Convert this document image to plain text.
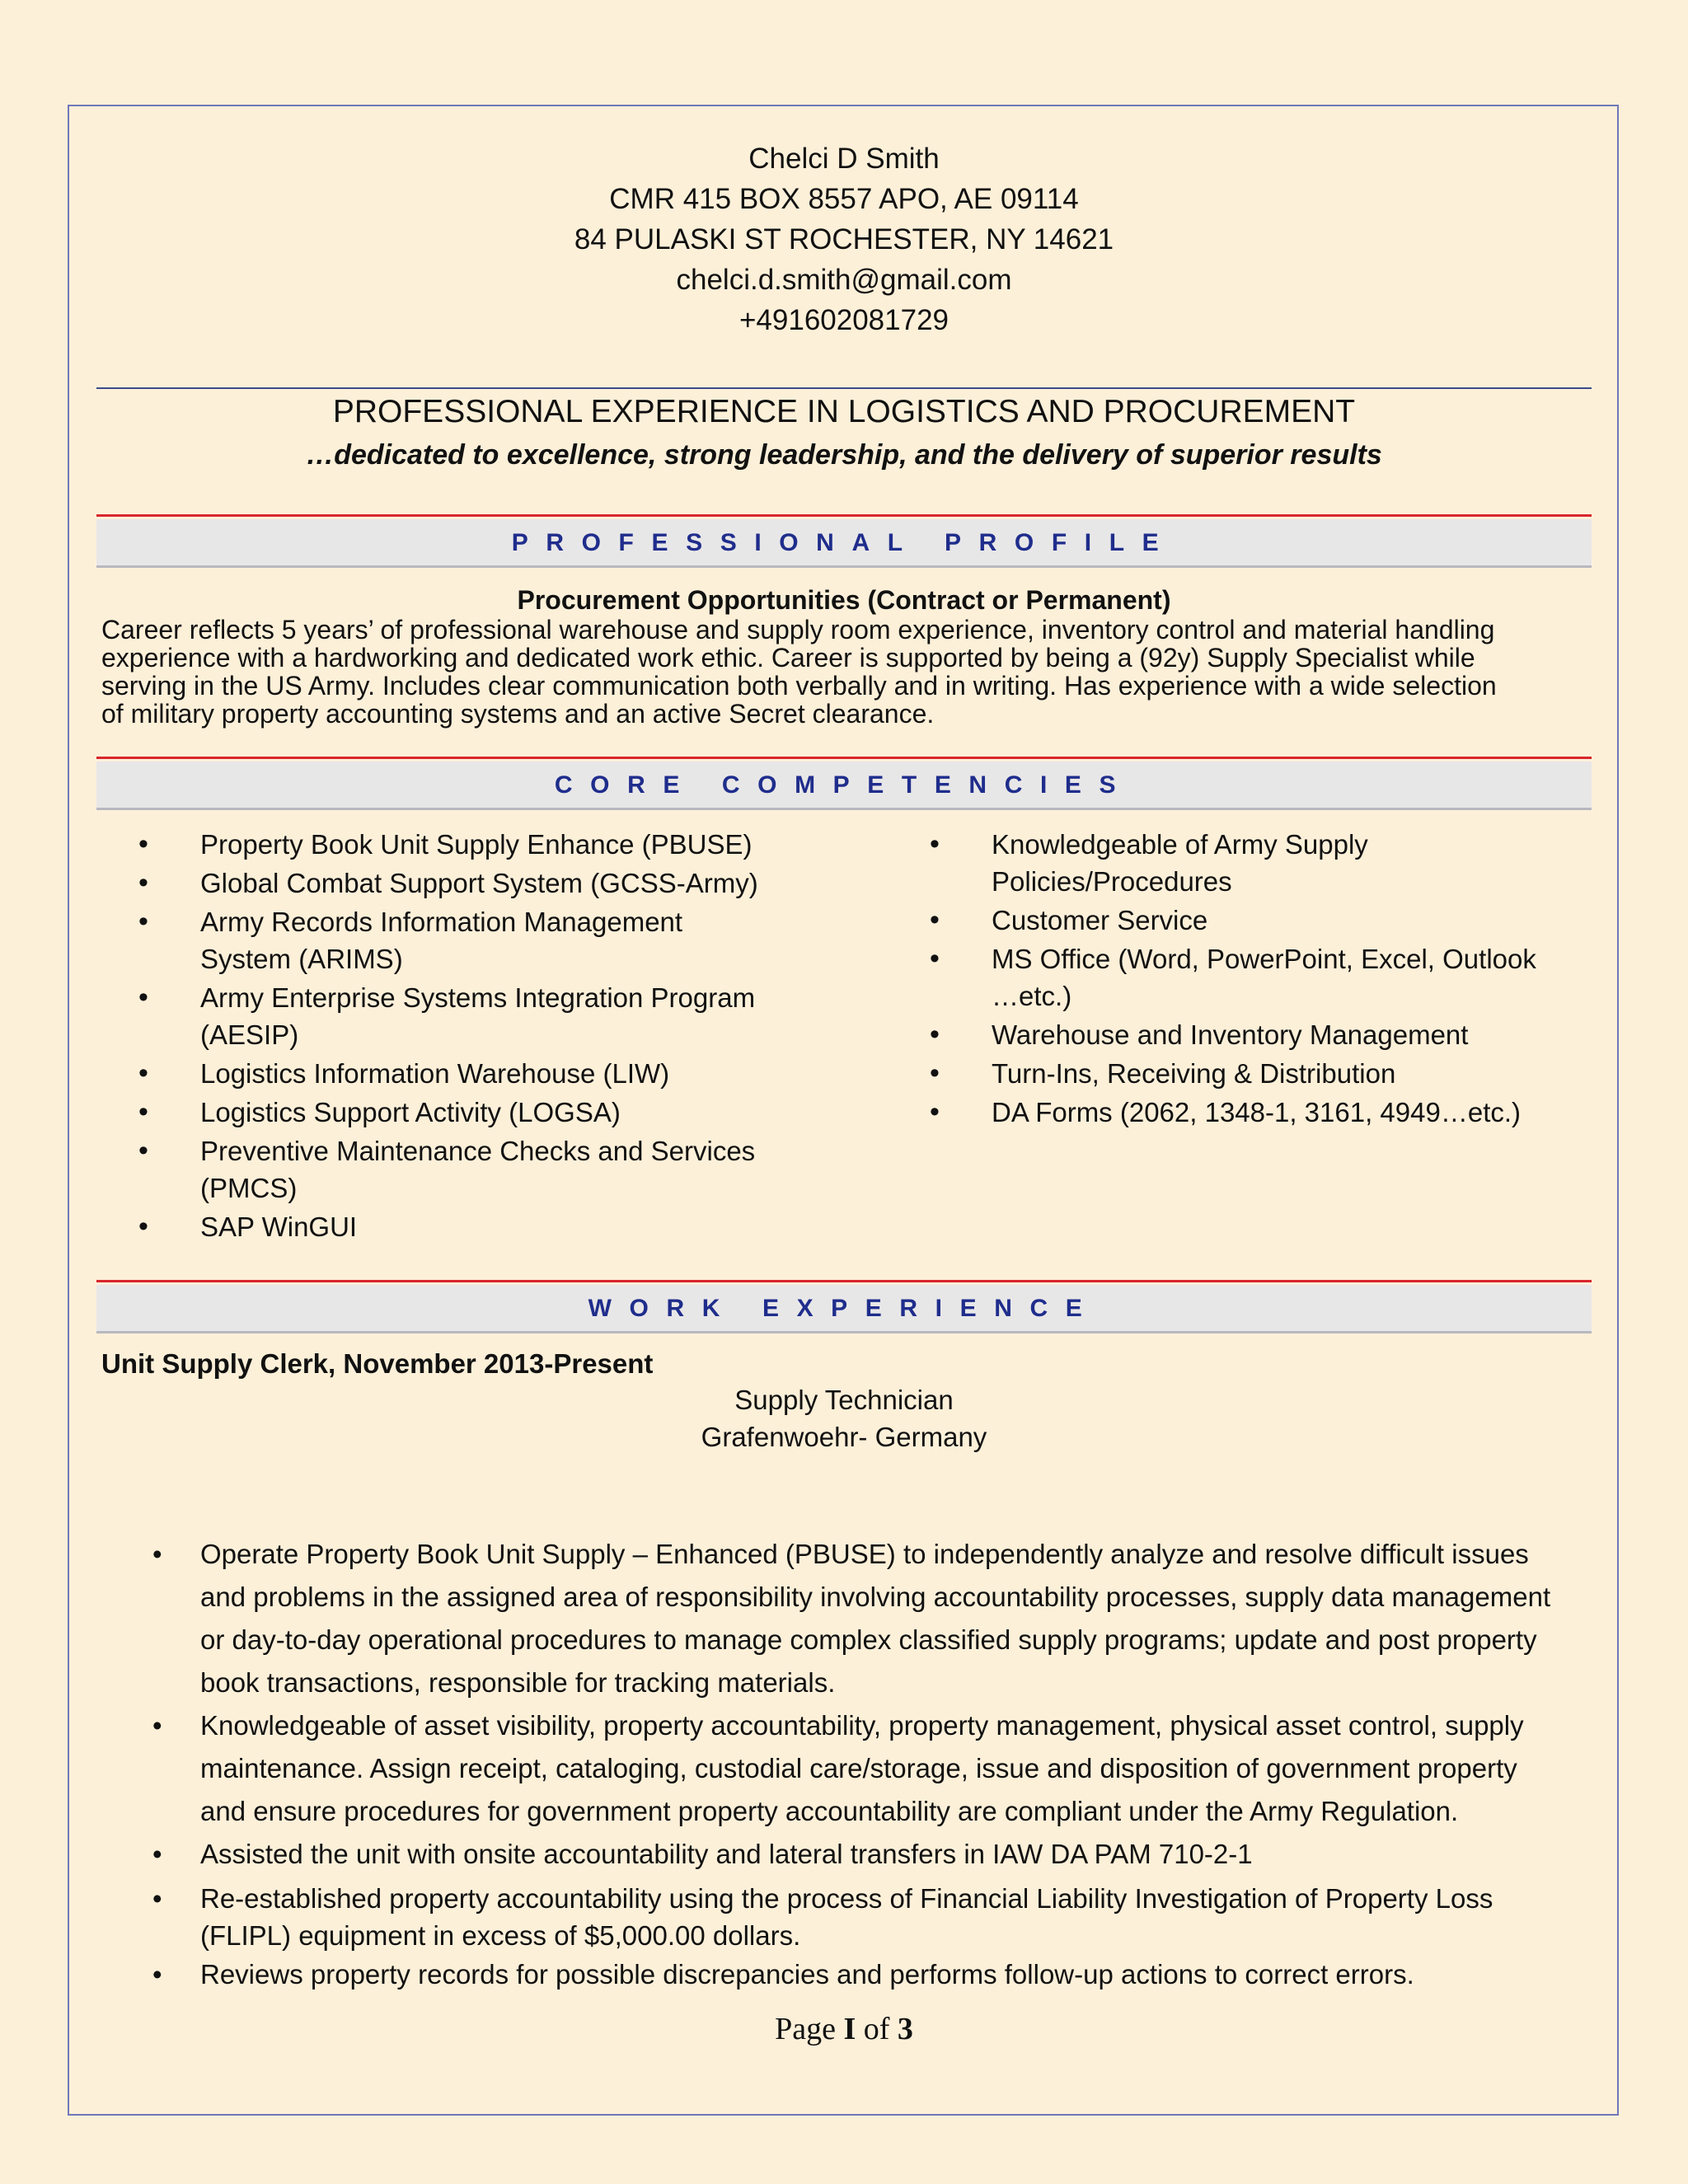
Chelci D Smith
CMR 415 BOX 8557 APO, AE 09114
84 PULASKI ST ROCHESTER, NY 14621
chelci.d.smith@gmail.com
+491602081729
PROFESSIONAL EXPERIENCE IN LOGISTICS AND PROCUREMENT
…dedicated to excellence, strong leadership, and the delivery of superior results
PROFESSIONAL PROFILE
Procurement Opportunities (Contract or Permanent)
Career reflects 5 years’ of professional warehouse and supply room experience, inventory control and material handling
experience with a hardworking and dedicated work ethic. Career is supported by being a (92y) Supply Specialist while
serving in the US Army. Includes clear communication both verbally and in writing. Has experience with a wide selection
of military property accounting systems and an active Secret clearance.
CORE COMPETENCIES
• Property Book Unit Supply Enhance (PBUSE)
• Global Combat Support System (GCSS-Army)
• Army Records Information Management
System (ARIMS)
• Army Enterprise Systems Integration Program
(AESIP)
• Logistics Information Warehouse (LIW)
• Logistics Support Activity (LOGSA)
• Preventive Maintenance Checks and Services
(PMCS)
• SAP WinGUI
• Knowledgeable of Army Supply
Policies/Procedures
• Customer Service
• MS Office (Word, PowerPoint, Excel, Outlook
…etc.)
• Warehouse and Inventory Management
• Turn-Ins, Receiving & Distribution
• DA Forms (2062, 1348-1, 3161, 4949…etc.)
WORK EXPERIENCE
Unit Supply Clerk, November 2013-Present
Supply Technician
Grafenwoehr- Germany
• Operate Property Book Unit Supply – Enhanced (PBUSE) to independently analyze and resolve difficult issues
and problems in the assigned area of responsibility involving accountability processes, supply data management
or day-to-day operational procedures to manage complex classified supply programs; update and post property
book transactions, responsible for tracking materials.
• Knowledgeable of asset visibility, property accountability, property management, physical asset control, supply
maintenance. Assign receipt, cataloging, custodial care/storage, issue and disposition of government property
and ensure procedures for government property accountability are compliant under the Army Regulation.
• Assisted the unit with onsite accountability and lateral transfers in IAW DA PAM 710-2-1
• Re-established property accountability using the process of Financial Liability Investigation of Property Loss
(FLIPL) equipment in excess of $5,000.00 dollars.
• Reviews property records for possible discrepancies and performs follow-up actions to correct errors.
Page I of 3
